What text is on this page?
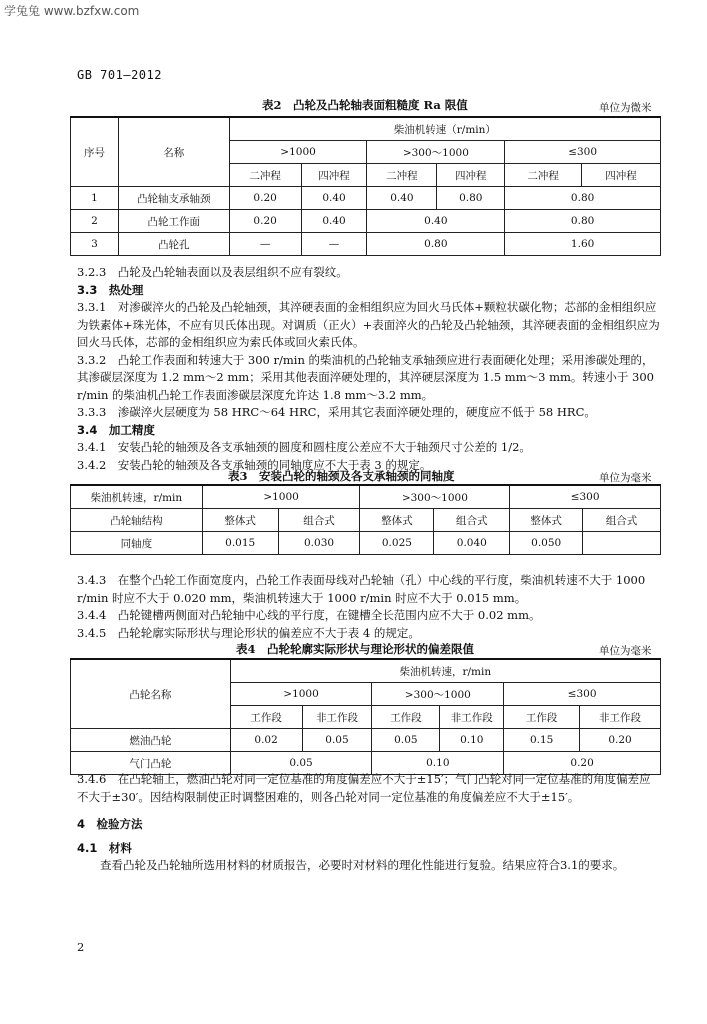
学兔兔 www.bzfxw.com
GB 701—2012
表2　凸轮及凸轮轴表面粗糙度 Ra 限值	单位为微米
序号	名称	柴油机转速（r/min）					
		>1000		>300～1000		≤300	
		二冲程	四冲程	二冲程	四冲程	二冲程	四冲程
1	凸轮轴支承轴颈	0.20	0.40	0.40	0.80	0.80	
2	凸轮工作面	0.20	0.40	0.40		0.80	
3	凸轮孔	—	—	0.80		1.60	

3.2.3　凸轮及凸轮轴表面以及表层组织不应有裂纹。

3.3　热处理

3.3.1　对渗碳淬火的凸轮及凸轮轴颈，其淬硬表面的金相组织应为回火马氏体+颗粒状碳化物；芯部的金相组织应为铁素体+珠光体，不应有贝氏体出现。对调质（正火）+表面淬火的凸轮及凸轮轴颈，其淬硬表面的金相组织应为回火马氏体，芯部的金相组织应为索氏体或回火索氏体。

3.3.2　凸轮工作表面和转速大于 300 r/min 的柴油机的凸轮轴支承轴颈应进行表面硬化处理；采用渗碳处理的，其渗碳层深度为 1.2 mm～2 mm；采用其他表面淬硬处理的，其淬硬层深度为 1.5 mm～3 mm。转速小于 300 r/min 的柴油机凸轮工作表面渗碳层深度允许达 1.8 mm～3.2 mm。

3.3.3　渗碳淬火层硬度为 58 HRC～64 HRC，采用其它表面淬硬处理的，硬度应不低于 58 HRC。

3.4　加工精度

3.4.1　安装凸轮的轴颈及各支承轴颈的圆度和圆柱度公差应不大于轴颈尺寸公差的 1/2。

3.4.2　安装凸轮的轴颈及各支承轴颈的同轴度应不大于表 3 的规定。

表3　安装凸轮的轴颈及各支承轴颈的同轴度	单位为毫米
柴油机转速，r/min	>1000		>300～1000		≤300	
凸轮轴结构	整体式	组合式	整体式	组合式	整体式	组合式
同轴度	0.015	0.030	0.025	0.040	0.050	

3.4.3　在整个凸轮工作面宽度内，凸轮工作表面母线对凸轮轴（孔）中心线的平行度，柴油机转速不大于 1000 r/min 时应不大于 0.020 mm，柴油机转速大于 1000 r/min 时应不大于 0.015 mm。

3.4.4　凸轮键槽两侧面对凸轮轴中心线的平行度，在键槽全长范围内应不大于 0.02 mm。

3.4.5　凸轮轮廓实际形状与理论形状的偏差应不大于表 4 的规定。

表4　凸轮轮廓实际形状与理论形状的偏差限值	单位为毫米
凸轮名称	柴油机转速，r/min					
	>1000		>300～1000		≤300	
	工作段	非工作段	工作段	非工作段	工作段	非工作段
燃油凸轮	0.02	0.05	0.05	0.10	0.15	0.20
气门凸轮	0.05		0.10		0.20	

3.4.6　在凸轮轴上，燃油凸轮对同一定位基准的角度偏差应不大于±15′；气门凸轮对同一定位基准的角度偏差应不大于±30′。因结构限制使正时调整困难的，则各凸轮对同一定位基准的角度偏差应不大于±15′。

4　检验方法

4.1　材料

查看凸轮及凸轮轴所选用材料的材质报告，必要时对材料的理化性能进行复验。结果应符合3.1的要求。

2
